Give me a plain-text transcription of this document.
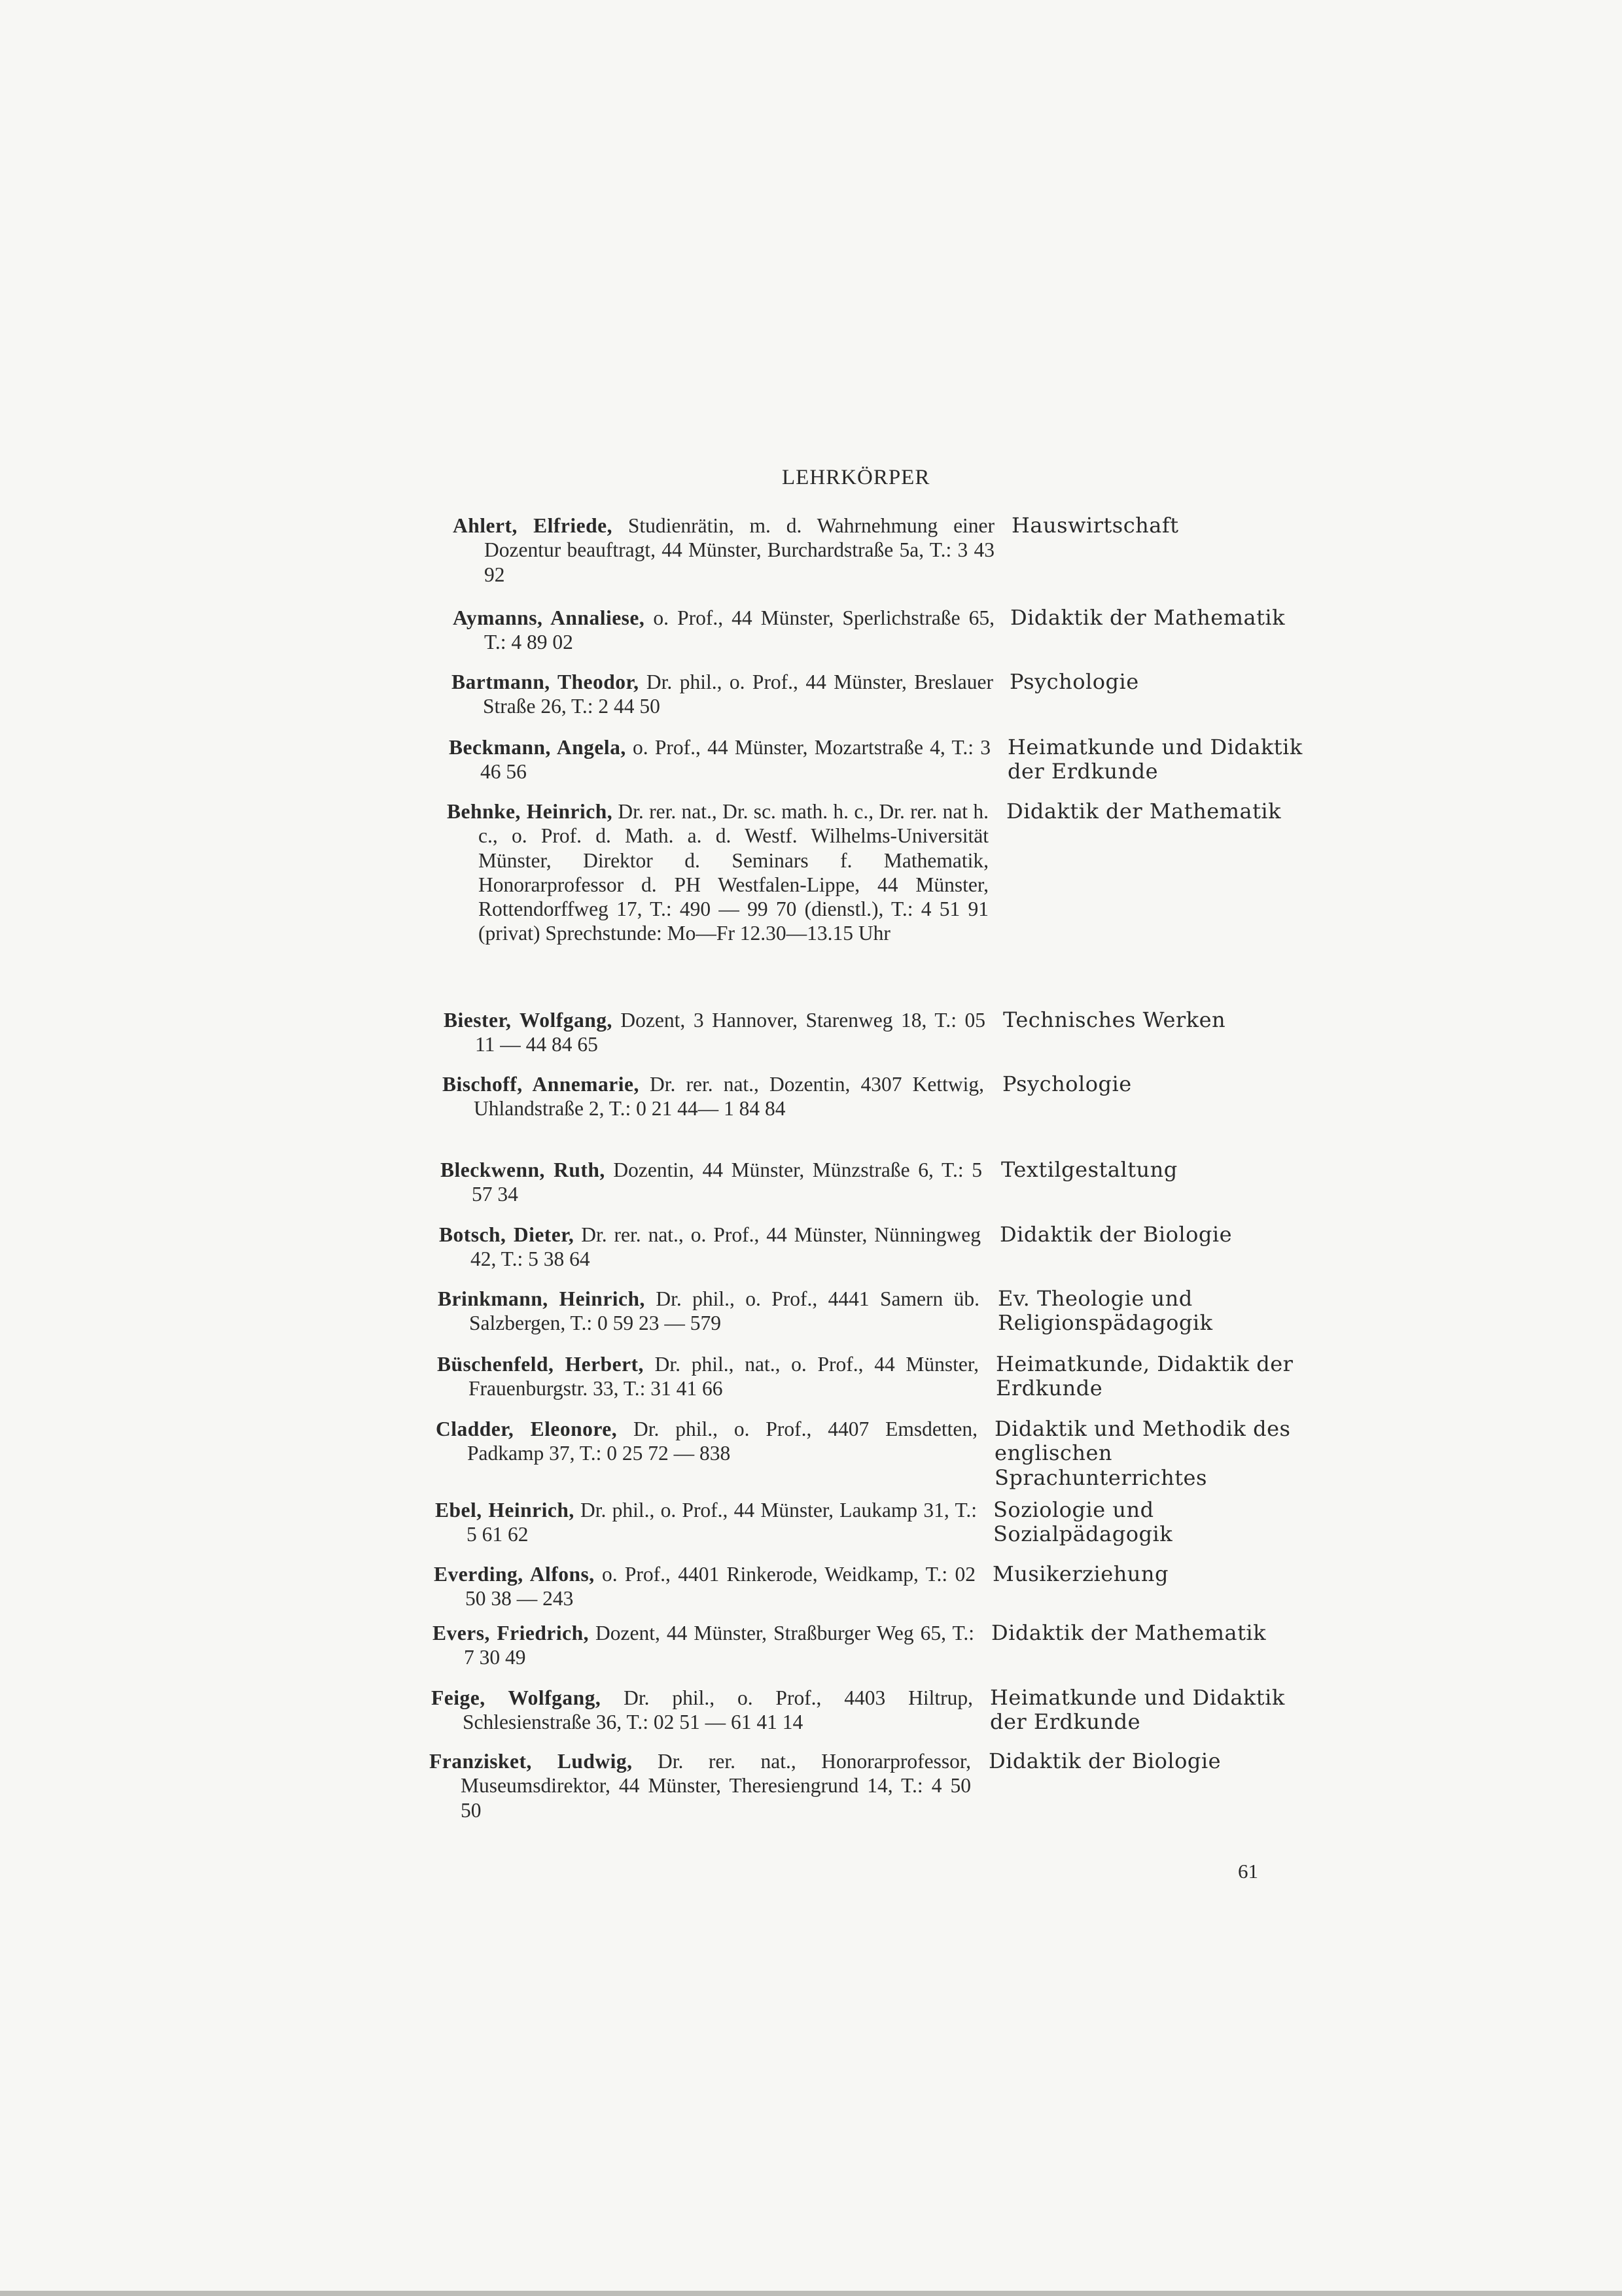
LEHRKÖRPER
Ahlert, Elfriede, Studienrätin, m. d. Wahrnehmung einer Dozentur beauftragt, 44 Münster, Burchardstraße 5a, T.: 3 43 92
Hauswirtschaft
Aymanns, Annaliese, o. Prof., 44 Münster, Sperlichstraße 65, T.: 4 89 02
Didaktik der Mathematik
Bartmann, Theodor, Dr. phil., o. Prof., 44 Münster, Breslauer Straße 26, T.: 2 44 50
Psychologie
Beckmann, Angela, o. Prof., 44 Münster, Mozartstraße 4, T.: 3 46 56
Heimatkunde und Didaktik der Erdkunde
Behnke, Heinrich, Dr. rer. nat., Dr. sc. math. h. c., Dr. rer. nat h. c., o. Prof. d. Math. a. d. Westf. Wilhelms-Universität Münster, Direktor d. Seminars f. Mathematik, Honorarprofessor d. PH Westfalen-Lippe, 44 Münster, Rottendorffweg 17, T.: 490 — 99 70 (dienstl.), T.: 4 51 91 (privat) Sprechstunde: Mo—Fr 12.30—13.15 Uhr
Didaktik der Mathematik
Biester, Wolfgang, Dozent, 3 Hannover, Starenweg 18, T.: 05 11 — 44 84 65
Technisches Werken
Bischoff, Annemarie, Dr. rer. nat., Dozentin, 4307 Kettwig, Uhlandstraße 2, T.: 0 21 44— 1 84 84
Psychologie
Bleckwenn, Ruth, Dozentin, 44 Münster, Münzstraße 6, T.: 5 57 34
Textilgestaltung
Botsch, Dieter, Dr. rer. nat., o. Prof., 44 Münster, Nünningweg 42, T.: 5 38 64
Didaktik der Biologie
Brinkmann, Heinrich, Dr. phil., o. Prof., 4441 Samern üb. Salzbergen, T.: 0 59 23 — 579
Ev. Theologie und Religionspädagogik
Büschenfeld, Herbert, Dr. phil., nat., o. Prof., 44 Münster, Frauenburgstr. 33, T.: 31 41 66
Heimatkunde, Didaktik der Erdkunde
Cladder, Eleonore, Dr. phil., o. Prof., 4407 Emsdetten, Padkamp 37, T.: 0 25 72 — 838
Didaktik und Methodik des englischen Sprachunterrichtes
Ebel, Heinrich, Dr. phil., o. Prof., 44 Münster, Laukamp 31, T.: 5 61 62
Soziologie und Sozialpädagogik
Everding, Alfons, o. Prof., 4401 Rinkerode, Weidkamp, T.: 02 50 38 — 243
Musikerziehung
Evers, Friedrich, Dozent, 44 Münster, Straßburger Weg 65, T.: 7 30 49
Didaktik der Mathematik
Feige, Wolfgang, Dr. phil., o. Prof., 4403 Hiltrup, Schlesienstraße 36, T.: 02 51 — 61 41 14
Heimatkunde und Didaktik der Erdkunde
Franzisket, Ludwig, Dr. rer. nat., Honorarprofessor, Museumsdirektor, 44 Münster, Theresiengrund 14, T.: 4 50 50
Didaktik der Biologie
61
